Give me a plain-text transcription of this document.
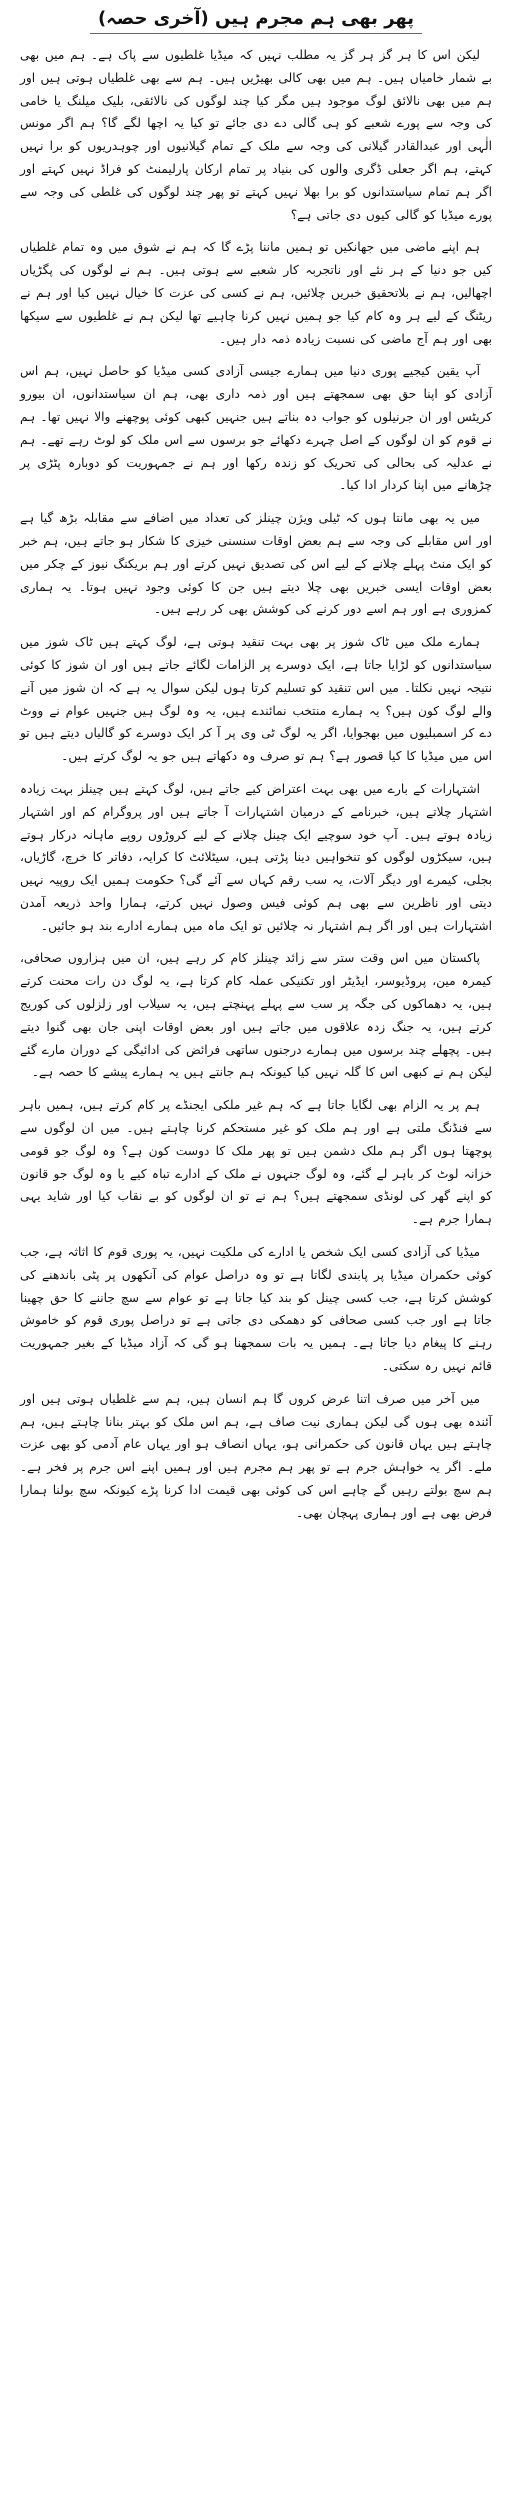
پھر بھی ہم مجرم ہیں (آخری حصہ)

لیکن اس کا ہر گز ہر گز یہ مطلب نہیں کہ میڈیا غلطیوں سے پاک ہے۔ ہم میں بھی بے شمار خامیاں ہیں۔ ہم میں بھی کالی بھیڑیں ہیں۔ ہم سے بھی غلطیاں ہوتی ہیں اور ہم میں بھی نالائق لوگ موجود ہیں مگر کیا چند لوگوں کی نالائقی، بلیک میلنگ یا خامی کی وجہ سے پورے شعبے کو ہی گالی دے دی جائے تو کیا یہ اچھا لگے گا؟ ہم اگر مونس الٰہی اور عبدالقادر گیلانی کی وجہ سے ملک کے تمام گیلانیوں اور چوہدریوں کو برا نہیں کہتے، ہم اگر جعلی ڈگری والوں کی بنیاد پر تمام ارکان پارلیمنٹ کو فراڈ نہیں کہتے اور اگر ہم تمام سیاستدانوں کو برا بھلا نہیں کہتے تو پھر چند لوگوں کی غلطی کی وجہ سے پورے میڈیا کو گالی کیوں دی جاتی ہے؟

ہم اپنے ماضی میں جھانکیں تو ہمیں ماننا پڑے گا کہ ہم نے شوق میں وہ تمام غلطیاں کیں جو دنیا کے ہر نئے اور ناتجربہ کار شعبے سے ہوتی ہیں۔ ہم نے لوگوں کی پگڑیاں اچھالیں، ہم نے بلاتحقیق خبریں چلائیں، ہم نے کسی کی عزت کا خیال نہیں کیا اور ہم نے ریٹنگ کے لیے ہر وہ کام کیا جو ہمیں نہیں کرنا چاہیے تھا لیکن ہم نے غلطیوں سے سیکھا بھی اور ہم آج ماضی کی نسبت زیادہ ذمہ دار ہیں۔

آپ یقین کیجیے پوری دنیا میں ہمارے جیسی آزادی کسی میڈیا کو حاصل نہیں، ہم اس آزادی کو اپنا حق بھی سمجھتے ہیں اور ذمہ داری بھی، ہم ان سیاستدانوں، ان بیورو کریٹس اور ان جرنیلوں کو جواب دہ بناتے ہیں جنہیں کبھی کوئی پوچھنے والا نہیں تھا۔ ہم نے قوم کو ان لوگوں کے اصل چہرے دکھائے جو برسوں سے اس ملک کو لوٹ رہے تھے۔ ہم نے عدلیہ کی بحالی کی تحریک کو زندہ رکھا اور ہم نے جمہوریت کو دوبارہ پٹڑی پر چڑھانے میں اپنا کردار ادا کیا۔

میں یہ بھی مانتا ہوں کہ ٹیلی ویژن چینلز کی تعداد میں اضافے سے مقابلہ بڑھ گیا ہے اور اس مقابلے کی وجہ سے ہم بعض اوقات سنسنی خیزی کا شکار ہو جاتے ہیں، ہم خبر کو ایک منٹ پہلے چلانے کے لیے اس کی تصدیق نہیں کرتے اور ہم بریکنگ نیوز کے چکر میں بعض اوقات ایسی خبریں بھی چلا دیتے ہیں جن کا کوئی وجود نہیں ہوتا۔ یہ ہماری کمزوری ہے اور ہم اسے دور کرنے کی کوشش بھی کر رہے ہیں۔

ہمارے ملک میں ٹاک شوز پر بھی بہت تنقید ہوتی ہے، لوگ کہتے ہیں ٹاک شوز میں سیاستدانوں کو لڑایا جاتا ہے، ایک دوسرے پر الزامات لگائے جاتے ہیں اور ان شوز کا کوئی نتیجہ نہیں نکلتا۔ میں اس تنقید کو تسلیم کرتا ہوں لیکن سوال یہ ہے کہ ان شوز میں آنے والے لوگ کون ہیں؟ یہ ہمارے منتخب نمائندے ہیں، یہ وہ لوگ ہیں جنہیں عوام نے ووٹ دے کر اسمبلیوں میں بھجوایا، اگر یہ لوگ ٹی وی پر آ کر ایک دوسرے کو گالیاں دیتے ہیں تو اس میں میڈیا کا کیا قصور ہے؟ ہم تو صرف وہ دکھاتے ہیں جو یہ لوگ کرتے ہیں۔

اشتہارات کے بارے میں بھی بہت اعتراض کیے جاتے ہیں، لوگ کہتے ہیں چینلز بہت زیادہ اشتہار چلاتے ہیں، خبرنامے کے درمیان اشتہارات آ جاتے ہیں اور پروگرام کم اور اشتہار زیادہ ہوتے ہیں۔ آپ خود سوچیے ایک چینل چلانے کے لیے کروڑوں روپے ماہانہ درکار ہوتے ہیں، سیکڑوں لوگوں کو تنخواہیں دینا پڑتی ہیں، سیٹلائٹ کا کرایہ، دفاتر کا خرچ، گاڑیاں، بجلی، کیمرے اور دیگر آلات، یہ سب رقم کہاں سے آئے گی؟ حکومت ہمیں ایک روپیہ نہیں دیتی اور ناظرین سے بھی ہم کوئی فیس وصول نہیں کرتے، ہمارا واحد ذریعہ آمدن اشتہارات ہیں اور اگر ہم اشتہار نہ چلائیں تو ایک ماہ میں ہمارے ادارے بند ہو جائیں۔

پاکستان میں اس وقت ستر سے زائد چینلز کام کر رہے ہیں، ان میں ہزاروں صحافی، کیمرہ مین، پروڈیوسر، ایڈیٹر اور تکنیکی عملہ کام کرتا ہے، یہ لوگ دن رات محنت کرتے ہیں، یہ دھماکوں کی جگہ پر سب سے پہلے پہنچتے ہیں، یہ سیلاب اور زلزلوں کی کوریج کرتے ہیں، یہ جنگ زدہ علاقوں میں جاتے ہیں اور بعض اوقات اپنی جان بھی گنوا دیتے ہیں۔ پچھلے چند برسوں میں ہمارے درجنوں ساتھی فرائض کی ادائیگی کے دوران مارے گئے لیکن ہم نے کبھی اس کا گلہ نہیں کیا کیونکہ ہم جانتے ہیں یہ ہمارے پیشے کا حصہ ہے۔

ہم پر یہ الزام بھی لگایا جاتا ہے کہ ہم غیر ملکی ایجنڈے پر کام کرتے ہیں، ہمیں باہر سے فنڈنگ ملتی ہے اور ہم ملک کو غیر مستحکم کرنا چاہتے ہیں۔ میں ان لوگوں سے پوچھتا ہوں اگر ہم ملک دشمن ہیں تو پھر ملک کا دوست کون ہے؟ وہ لوگ جو قومی خزانہ لوٹ کر باہر لے گئے، وہ لوگ جنہوں نے ملک کے ادارے تباہ کیے یا وہ لوگ جو قانون کو اپنے گھر کی لونڈی سمجھتے ہیں؟ ہم نے تو ان لوگوں کو بے نقاب کیا اور شاید یہی ہمارا جرم ہے۔

میڈیا کی آزادی کسی ایک شخص یا ادارے کی ملکیت نہیں، یہ پوری قوم کا اثاثہ ہے، جب کوئی حکمران میڈیا پر پابندی لگاتا ہے تو وہ دراصل عوام کی آنکھوں پر پٹی باندھنے کی کوشش کرتا ہے، جب کسی چینل کو بند کیا جاتا ہے تو عوام سے سچ جاننے کا حق چھینا جاتا ہے اور جب کسی صحافی کو دھمکی دی جاتی ہے تو دراصل پوری قوم کو خاموش رہنے کا پیغام دیا جاتا ہے۔ ہمیں یہ بات سمجھنا ہو گی کہ آزاد میڈیا کے بغیر جمہوریت قائم نہیں رہ سکتی۔

میں آخر میں صرف اتنا عرض کروں گا ہم انسان ہیں، ہم سے غلطیاں ہوتی ہیں اور آئندہ بھی ہوں گی لیکن ہماری نیت صاف ہے، ہم اس ملک کو بہتر بنانا چاہتے ہیں، ہم چاہتے ہیں یہاں قانون کی حکمرانی ہو، یہاں انصاف ہو اور یہاں عام آدمی کو بھی عزت ملے۔ اگر یہ خواہش جرم ہے تو پھر ہم مجرم ہیں اور ہمیں اپنے اس جرم پر فخر ہے۔ ہم سچ بولتے رہیں گے چاہے اس کی کوئی بھی قیمت ادا کرنا پڑے کیونکہ سچ بولنا ہمارا فرض بھی ہے اور ہماری پہچان بھی۔
